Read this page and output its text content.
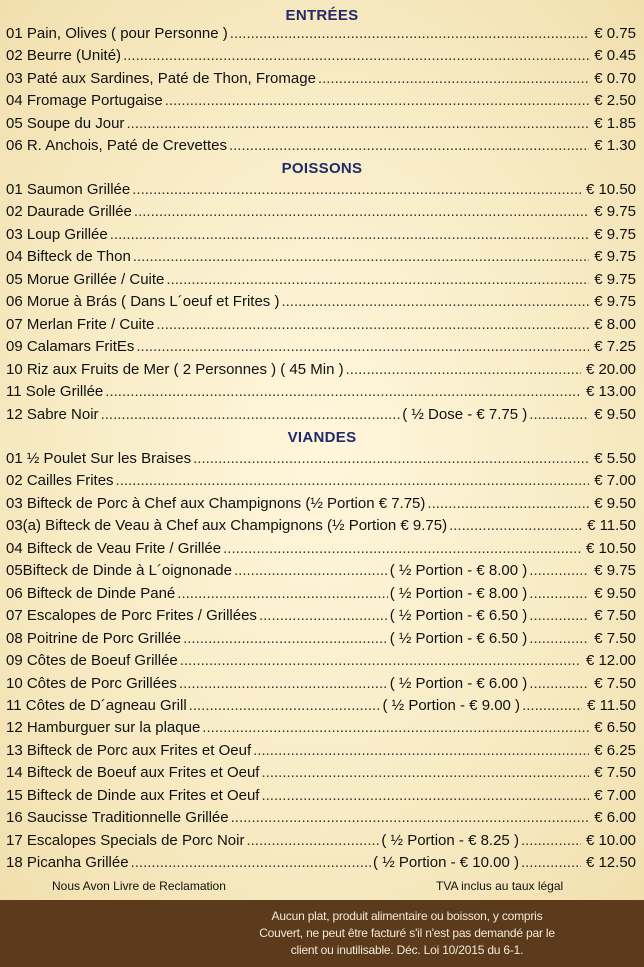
ENTRÉES
01 Pain, Olives ( pour Personne ) .....	€ 0.75
02 Beurre (Unité) .....	€ 0.45
03 Paté aux Sardines, Paté de Thon, Fromage .....	€ 0.70
04 Fromage Portugaise .....	€ 2.50
05 Soupe du Jour .....	€ 1.85
06 R. Anchois, Paté de Crevettes .....	€ 1.30
POISSONS
01 Saumon Grillée .....	€ 10.50
02 Daurade Grillée .....	€ 9.75
03 Loup Grillée .....	€ 9.75
04 Bifteck de Thon .....	€ 9.75
05 Morue Grillée / Cuite .....	€ 9.75
06 Morue à Brás ( Dans L´oeuf et Frites ) .....	€ 9.75
07 Merlan Frite / Cuite .....	€ 8.00
09 Calamars FritEs .....	€ 7.25
10 Riz aux Fruits de Mer ( 2 Personnes ) ( 45 Min ) .....	€ 20.00
11 Sole Grillée .....	€ 13.00
12 Sabre Noir .....	( ½ Dose - € 7.75 ) .....	€ 9.50
VIANDES
01 ½ Poulet Sur les Braises .....	€ 5.50
02 Cailles Frites .....	€ 7.00
03 Bifteck de Porc à Chef aux Champignons (½ Portion € 7.75) .....	€ 9.50
03(a) Bifteck de Veau à Chef aux Champignons (½ Portion € 9.75) .....	€ 11.50
04 Bifteck de Veau Frite / Grillée .....	€ 10.50
05Bifteck de Dinde à L´oignonade .....	( ½ Portion - € 8.00 ) .....	€ 9.75
06 Bifteck de Dinde Pané .....	( ½ Portion - € 8.00 ) .....	€ 9.50
07 Escalopes de Porc Frites / Grillées .....	( ½ Portion - € 6.50 ) .....	€ 7.50
08 Poitrine de Porc Grillée .....	( ½ Portion - € 6.50 ) .....	€ 7.50
09 Côtes de Boeuf Grillée .....	€ 12.00
10 Côtes de Porc Grillées .....	( ½ Portion - € 6.00 ) .....	€ 7.50
11 Côtes de D´agneau Grill .....	( ½ Portion - € 9.00 ) .....	€ 11.50
12 Hamburguer sur la plaque .....	€ 6.50
13 Bifteck de Porc aux Frites et Oeuf .....	€ 6.25
14 Bifteck de Boeuf aux Frites et Oeuf .....	€ 7.50
15 Bifteck de Dinde aux Frites et Oeuf .....	€ 7.00
16 Saucisse Traditionnelle Grillée .....	€ 6.00
17 Escalopes Specials de Porc Noir .....	( ½ Portion - € 8.25 ) .....	€ 10.00
18 Picanha Grillée .....	( ½ Portion - € 10.00 ) .....	€ 12.50
Nous Avon Livre de Reclamation	TVA inclus au taux légal
Aucun plat, produit alimentaire ou boisson, y compris
Couvert, ne peut être facturé s'il n'est pas demandé par le
client ou inutilisable. Déc. Loi 10/2015 du 6-1.
